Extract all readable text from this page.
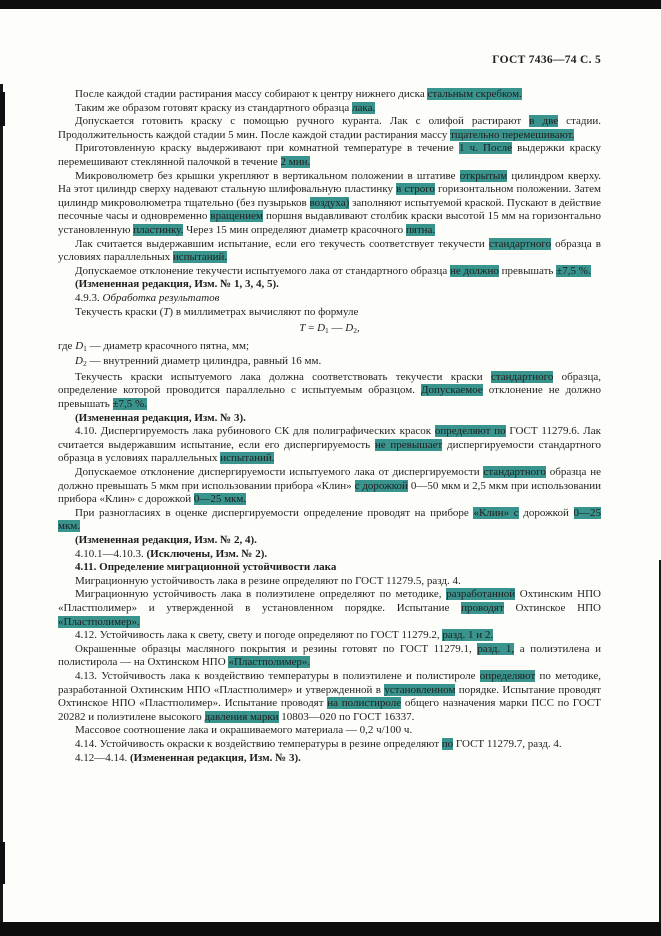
ГОСТ 7436—74 С. 5

После каждой стадии растирания массу собирают к центру нижнего диска стальным скребком.

Таким же образом готовят краску из стандартного образца лака.

Допускается готовить краску с помощью ручного куранта. Лак с олифой растирают в две стадии. Продолжительность каждой стадии 5 мин. После каждой стадии растирания массу тщательно перемешивают.

Приготовленную краску выдерживают при комнатной температуре в течение 1 ч. После выдержки краску перемешивают стеклянной палочкой в течение 2 мин.

Микроволюметр без крышки укрепляют в вертикальном положении в штативе открытым цилиндром кверху. На этот цилиндр сверху надевают стальную шлифовальную пластинку в строго горизонтальном положении. Затем цилиндр микроволюметра тщательно (без пузырьков воздуха) заполняют испытуемой краской. Пускают в действие песочные часы и одновременно вращением поршня выдавливают столбик краски высотой 15 мм на горизонтально установленную пластинку. Через 15 мин определяют диаметр красочного пятна.

Лак считается выдержавшим испытание, если его текучесть соответствует текучести стандартного образца в условиях параллельных испытаний.

Допускаемое отклонение текучести испытуемого лака от стандартного образца не должно превышать ±7,5 %.

(Измененная редакция, Изм. № 1, 3, 4, 5).

4.9.3. Обработка результатов

Текучесть краски (Т) в миллиметрах вычисляют по формуле

$T = D_1$ — $D_2$,

где $D_1$ — диаметр красочного пятна, мм;

$D_2$ — внутренний диаметр цилиндра, равный 16 мм.

Текучесть краски испытуемого лака должна соответствовать текучести краски стандартного образца, определение которой проводится параллельно с испытуемым образцом. Допускаемое отклонение не должно превышать ±7,5 %.

(Измененная редакция, Изм. № 3).

4.10. Диспергируемость лака рубинового СК для полиграфических красок определяют по ГОСТ 11279.6. Лак считается выдержавшим испытание, если его диспергируемость не превышает диспергируемости стандартного образца в условиях параллельных испытаний.

Допускаемое отклонение диспергируемости испытуемого лака от диспергируемости стандартного образца не должно превышать 5 мкм при использовании прибора «Клин» с дорожкой 0—50 мкм и 2,5 мкм при использовании прибора «Клин» с дорожкой 0—25 мкм.

При разногласиях в оценке диспергируемости определение проводят на приборе «Клин» с дорожкой 0—25 мкм.

(Измененная редакция, Изм. № 2, 4).

4.10.1—4.10.3. (Исключены, Изм. № 2).

4.11. Определение миграционной устойчивости лака

Миграционную устойчивость лака в резине определяют по ГОСТ 11279.5, разд. 4.

Миграционную устойчивость лака в полиэтилене определяют по методике, разработанной Охтинским НПО «Пластполимер» и утвержденной в установленном порядке. Испытание проводят Охтинское НПО «Пластполимер».

4.12. Устойчивость лака к свету, свету и погоде определяют по ГОСТ 11279.2, разд. 1 и 2.

Окрашенные образцы масляного покрытия и резины готовят по ГОСТ 11279.1, разд. 1, а полиэтилена и полистирола — на Охтинском НПО «Пластполимер».

4.13. Устойчивость лака к воздействию температуры в полиэтилене и полистироле определяют по методике, разработанной Охтинским НПО «Пластполимер» и утвержденной в установленном порядке. Испытание проводят Охтинское НПО «Пластполимер». Испытание проводят на полистироле общего назначения марки ПСС по ГОСТ 20282 и полиэтилене высокого давления марки 10803—020 по ГОСТ 16337.

Массовое соотношение лака и окрашиваемого материала — 0,2 ч/100 ч.

4.14. Устойчивость окраски к воздействию температуры в резине определяют по ГОСТ 11279.7, разд. 4.

4.12—4.14. (Измененная редакция, Изм. № 3).
